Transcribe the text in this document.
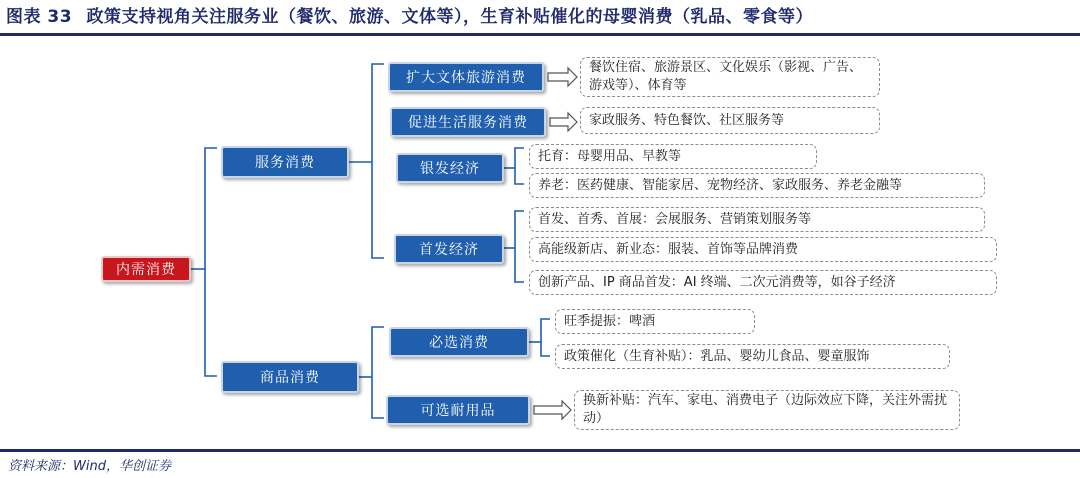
图表 33 政策支持视角关注服务业（餐饮、旅游、文体等），生育补贴催化的母婴消费（乳品、零食等）
内需消费
服务消费
商品消费
扩大文体旅游消费
促进生活服务消费
银发经济
首发经济
必选消费
可选耐用品
餐饮住宿、旅游景区、文化娱乐（影视、广告、游戏等）、体育等
家政服务、特色餐饮、社区服务等
托育：母婴用品、早教等
养老：医药健康、智能家居、宠物经济、家政服务、养老金融等
首发、首秀、首展：会展服务、营销策划服务等
高能级新店、新业态：服装、首饰等品牌消费
创新产品、IP 商品首发：AI 终端、二次元消费等，如谷子经济
旺季提振：啤酒
政策催化（生育补贴）：乳品、婴幼儿食品、婴童服饰
换新补贴：汽车、家电、消费电子（边际效应下降，关注外需扰动）
资料来源：Wind，华创证券
